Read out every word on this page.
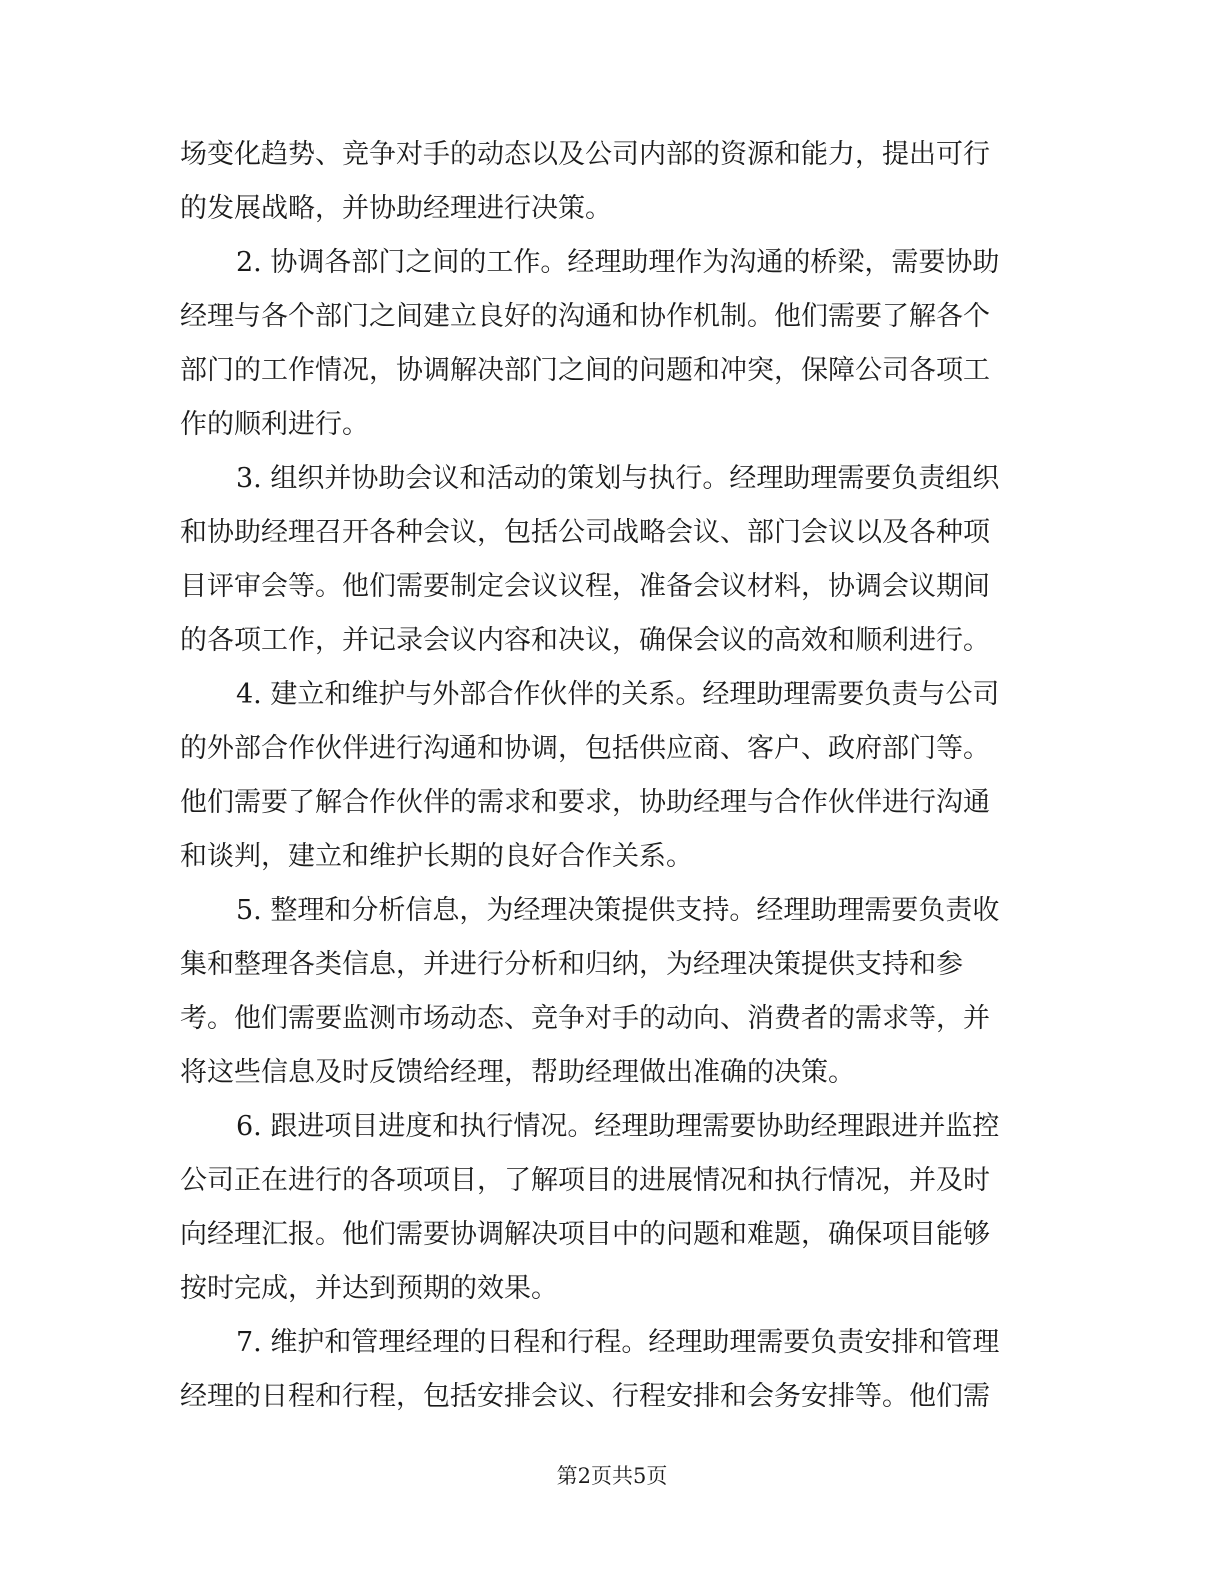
场变化趋势、竞争对手的动态以及公司内部的资源和能力，提出可行
的发展战略，并协助经理进行决策。
2. 协调各部门之间的工作。经理助理作为沟通的桥梁，需要协助
经理与各个部门之间建立良好的沟通和协作机制。他们需要了解各个
部门的工作情况，协调解决部门之间的问题和冲突，保障公司各项工
作的顺利进行。
3. 组织并协助会议和活动的策划与执行。经理助理需要负责组织
和协助经理召开各种会议，包括公司战略会议、部门会议以及各种项
目评审会等。他们需要制定会议议程，准备会议材料，协调会议期间
的各项工作，并记录会议内容和决议，确保会议的高效和顺利进行。
4. 建立和维护与外部合作伙伴的关系。经理助理需要负责与公司
的外部合作伙伴进行沟通和协调，包括供应商、客户、政府部门等。
他们需要了解合作伙伴的需求和要求，协助经理与合作伙伴进行沟通
和谈判，建立和维护长期的良好合作关系。
5. 整理和分析信息，为经理决策提供支持。经理助理需要负责收
集和整理各类信息，并进行分析和归纳，为经理决策提供支持和参
考。他们需要监测市场动态、竞争对手的动向、消费者的需求等，并
将这些信息及时反馈给经理，帮助经理做出准确的决策。
6. 跟进项目进度和执行情况。经理助理需要协助经理跟进并监控
公司正在进行的各项项目，了解项目的进展情况和执行情况，并及时
向经理汇报。他们需要协调解决项目中的问题和难题，确保项目能够
按时完成，并达到预期的效果。
7. 维护和管理经理的日程和行程。经理助理需要负责安排和管理
经理的日程和行程，包括安排会议、行程安排和会务安排等。他们需
第2页共5页
